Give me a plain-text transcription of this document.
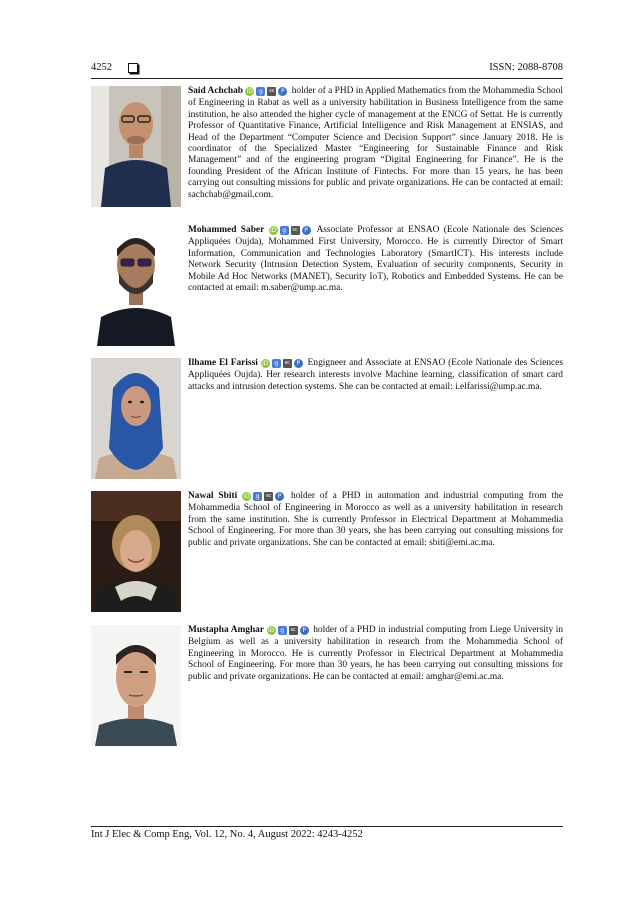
4252	ISSN: 2088-8708
Said Achchab iD g sc P holder of a PHD in Applied Mathematics from the Mohammedia School of Engineering in Rabat as well as a university habilitation in Business Intelligence from the same institution, he also attended the higher cycle of management at the ENCG of Settat. He is currently Professor of Quantitative Finance, Artificial Intelligence and Risk Management at ENSIAS, and Head of the Department “Computer Science and Decision Support” since January 2018. He is coordinator of the Specialized Master “Engineering for Sustainable Finance and Risk Management” and of the engineering program “Digital Engineering for Finance”. He is the founding President of the African Institute of Fintechs. For more than 15 years, he has been carrying out consulting missions for public and private organizations. He can be contacted at email: sachchab@gmail.com.
Mohammed Saber iD g sc P Associate Professor at ENSAO (Ecole Nationale des Sciences Appliquées Oujda), Mohammed First University, Morocco. He is currently Director of Smart Information, Communication and Technologies Laboratory (SmartICT). His interests include Network Security (Intrusion Detection System, Evaluation of security components, Security in Mobile Ad Hoc Networks (MANET), Security IoT), Robotics and Embedded Systems. He can be contacted at email: m.saber@ump.ac.ma.
Ilhame El Farissi iD g sc P Engigneer and Associate at ENSAO (Ecole Nationale des Sciences Appliquées Oujda). Her research interests involve Machine learning, classification of smart card attacks and intrusion detection systems. She can be contacted at email: i.elfarissi@ump.ac.ma.
Nawal Sbiti iD g sc P holder of a PHD in automation and industrial computing from the Mohammedia School of Engineering in Morocco as well as a university habilitation in research from the same institution. She is currently Professor in Electrical Department at Mohammedia School of Engineering. For more than 30 years, she has been carrying out consulting missions for public and private organizations. She can be contacted at email: sbiti@emi.ac.ma.
Mustapha Amghar iD g sc P holder of a PHD in industrial computing from Liege University in Belgium as well as a university habilitation in research from the Mohammedia School of Engineering in Morocco. He is currently Professor in Electrical Department at Mohammedia School of Engineering. For more than 30 years, he has been carrying out consulting missions for public and private organizations. He can be contacted at email: amghar@emi.ac.ma.
Int J Elec & Comp Eng, Vol. 12, No. 4, August 2022: 4243-4252
